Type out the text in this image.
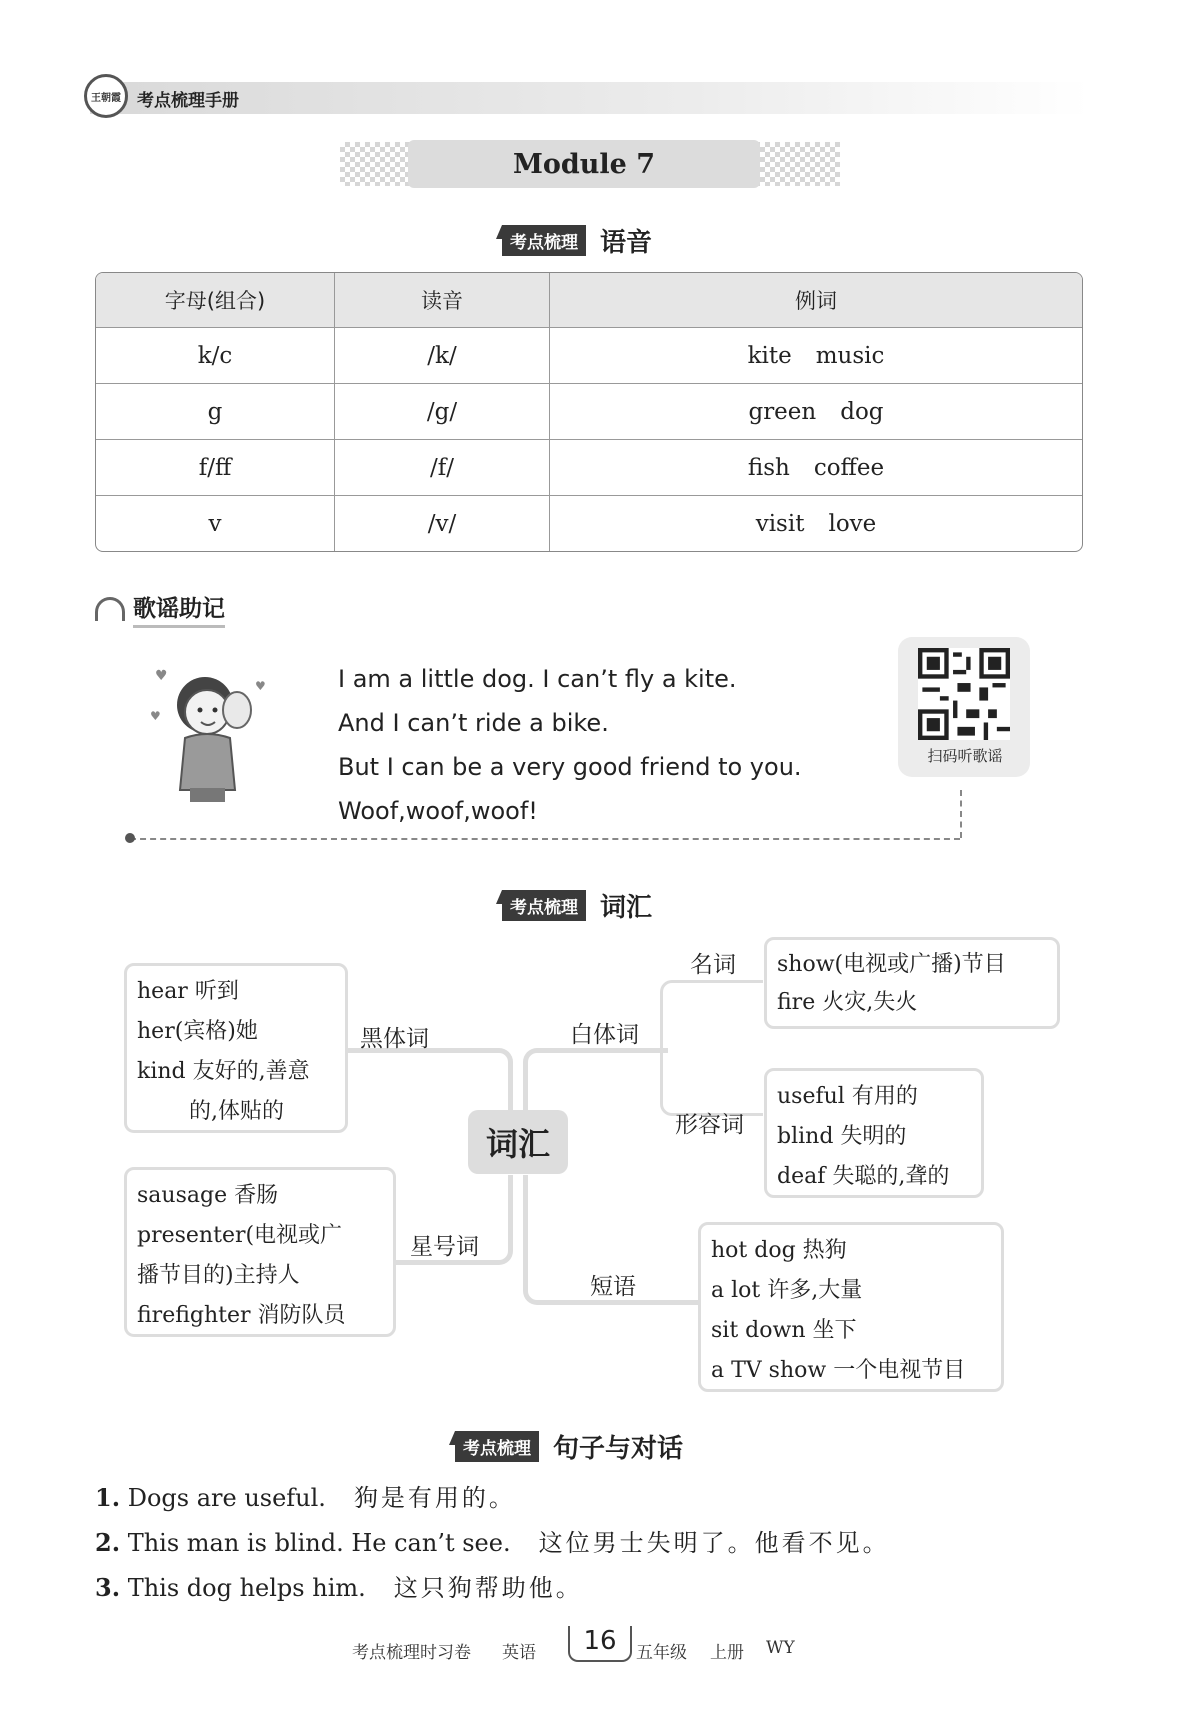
王朝霞 考点梳理手册
Module 7
考点梳理 语音
字母(组合)	读音	例词
k/c	/k/	kite music
g	/g/	green dog
f/ff	/f/	fish coffee
v	/v/	visit love
歌谣助记
♥
♥
♥
I am a little dog. I can’t fly a kite.
And I can’t ride a bike.
But I can be a very good friend to you.
Woof,woof,woof!
扫码听歌谣
考点梳理 词汇
词汇
黑体词
星号词
白体词
短语
名词
形容词
hear 听到
her(宾格)她
kind 友好的,善意
的,体贴的
sausage 香肠
presenter(电视或广
播节目的)主持人
firefighter 消防队员
show(电视或广播)节目
fire 火灾,失火
useful 有用的
blind 失明的
deaf 失聪的,聋的
hot dog 热狗
a lot 许多,大量
sit down 坐下
a TV show 一个电视节目
考点梳理 句子与对话
1. Dogs are useful. 狗是有用的。
2. This man is blind. He can’t see. 这位男士失明了。他看不见。
3. This dog helps him. 这只狗帮助他。
考点梳理时习卷 英语	16	五年级 上册 WY
